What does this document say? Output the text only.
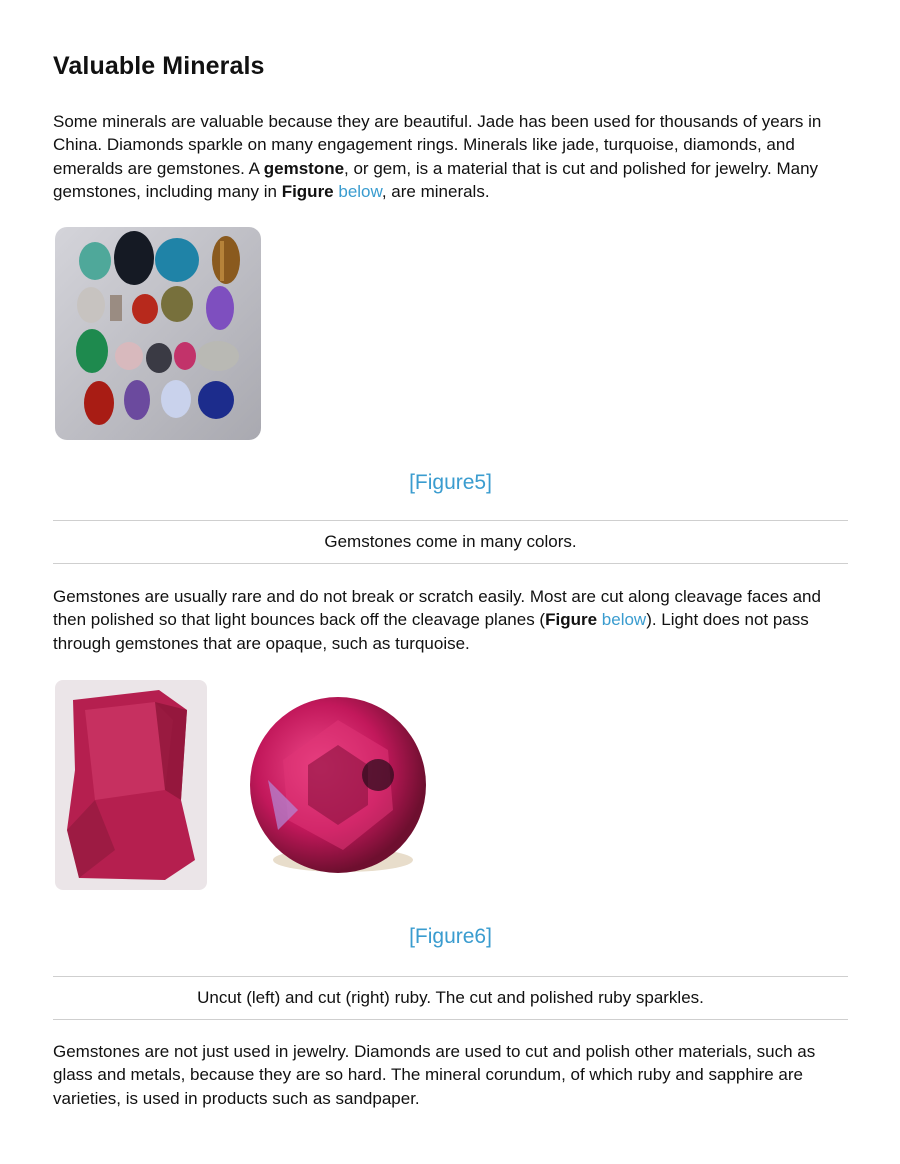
Valuable Minerals

Some minerals are valuable because they are beautiful. Jade has been used for thousands of years in China. Diamonds sparkle on many engagement rings. Minerals like jade, turquoise, diamonds, and emeralds are gemstones. A gemstone, or gem, is a material that is cut and polished for jewelry. Many gemstones, including many in Figure below, are minerals.

[Figure5]
Gemstones come in many colors.

Gemstones are usually rare and do not break or scratch easily. Most are cut along cleavage faces and then polished so that light bounces back off the cleavage planes (Figure below). Light does not pass through gemstones that are opaque, such as turquoise.

[Figure6]
Uncut (left) and cut (right) ruby. The cut and polished ruby sparkles.

Gemstones are not just used in jewelry. Diamonds are used to cut and polish other materials, such as glass and metals, because they are so hard. The mineral corundum, of which ruby and sapphire are varieties, is used in products such as sandpaper.
